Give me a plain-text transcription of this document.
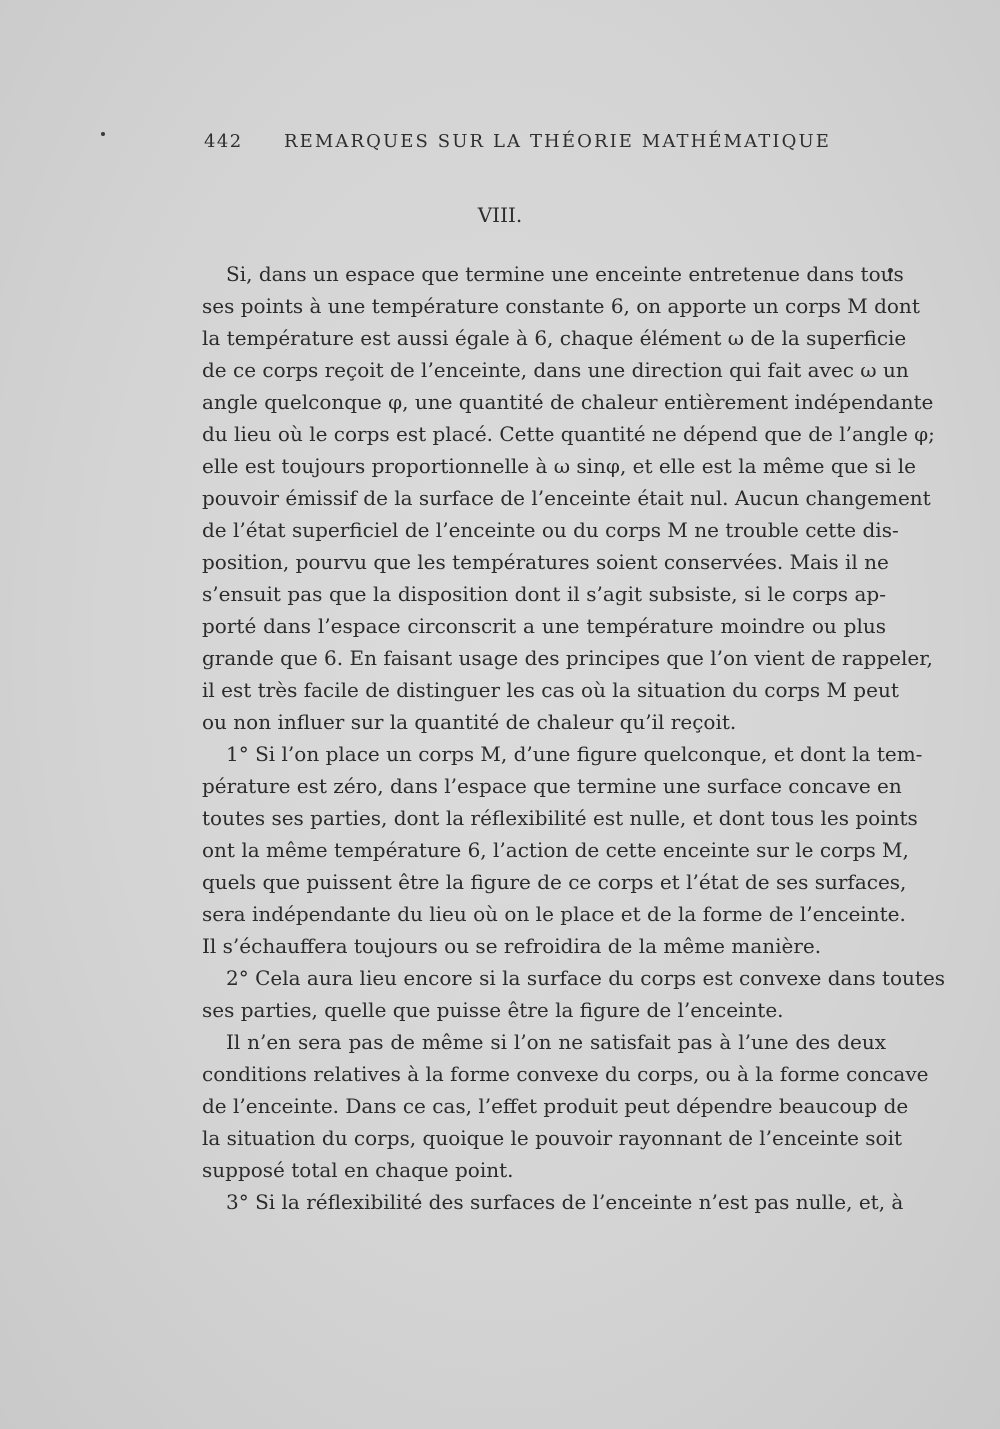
442 REMARQUES SUR LA THÉORIE MATHÉMATIQUE
VIII.
Si, dans un espace que termine une enceinte entretenue dans tous
ses points à une température constante 6, on apporte un corps M dont
la température est aussi égale à 6, chaque élément ω de la superficie
de ce corps reçoit de l’enceinte, dans une direction qui fait avec ω un
angle quelconque φ, une quantité de chaleur entièrement indépendante
du lieu où le corps est placé. Cette quantité ne dépend que de l’angle φ;
elle est toujours proportionnelle à ω sinφ, et elle est la même que si le
pouvoir émissif de la surface de l’enceinte était nul. Aucun changement
de l’état superficiel de l’enceinte ou du corps M ne trouble cette dis-
position, pourvu que les températures soient conservées. Mais il ne
s’ensuit pas que la disposition dont il s’agit subsiste, si le corps ap-
porté dans l’espace circonscrit a une température moindre ou plus
grande que 6. En faisant usage des principes que l’on vient de rappeler,
il est très facile de distinguer les cas où la situation du corps M peut
ou non influer sur la quantité de chaleur qu’il reçoit.
1° Si l’on place un corps M, d’une figure quelconque, et dont la tem-
pérature est zéro, dans l’espace que termine une surface concave en
toutes ses parties, dont la réflexibilité est nulle, et dont tous les points
ont la même température 6, l’action de cette enceinte sur le corps M,
quels que puissent être la figure de ce corps et l’état de ses surfaces,
sera indépendante du lieu où on le place et de la forme de l’enceinte.
Il s’échauffera toujours ou se refroidira de la même manière.
2° Cela aura lieu encore si la surface du corps est convexe dans toutes
ses parties, quelle que puisse être la figure de l’enceinte.
Il n’en sera pas de même si l’on ne satisfait pas à l’une des deux
conditions relatives à la forme convexe du corps, ou à la forme concave
de l’enceinte. Dans ce cas, l’effet produit peut dépendre beaucoup de
la situation du corps, quoique le pouvoir rayonnant de l’enceinte soit
supposé total en chaque point.
3° Si la réflexibilité des surfaces de l’enceinte n’est pas nulle, et, à
